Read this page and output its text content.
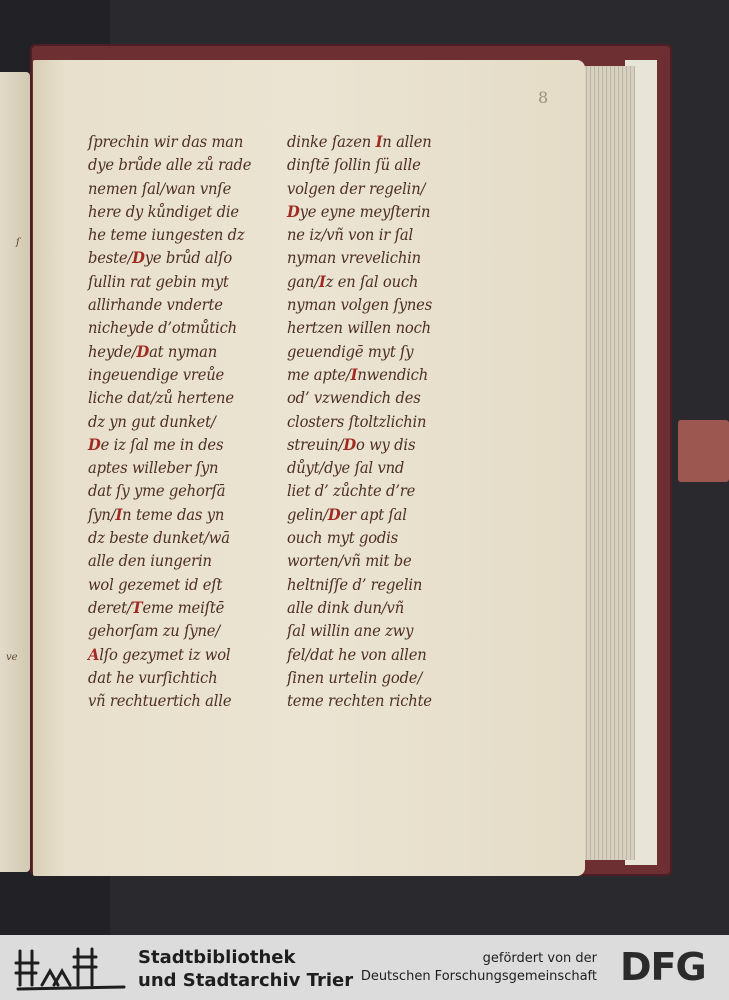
ſ
ve
8
ſprechin wir das man
dye brůde alle zů rade
nemen ſal/wan vnſe
here dy kůndiget die
he teme iungesten dz
beste/Dye brůd alſo
ſullin rat gebin myt
allirhande vnderte
nicheyde d’otmůtich
heyde/Dat nyman
ingeuendige vreůe
liche dat/zů hertene
dz yn gut dunket/
De iz ſal me in des
aptes willeber ſyn
dat ſy yme gehorſā
ſyn/In teme das yn
dz beste dunket/wā
alle den iungerin
wol gezemet id eſt
deret/Teme meiſtē
gehorſam zu ſyne/
Alſo gezymet iz wol
dat he vurſichtich
vñ rechtuertich alle
dinke ſazen In allen
dinſtē ſollin ſü alle
volgen der regelin/
Dye eyne meyſterin
ne iz/vñ von ir ſal
nyman vrevelichin
gan/Iz en ſal ouch
nyman volgen ſynes
hertzen willen noch
geuendigē myt ſy
me apte/Inwendich
od’ vzwendich des
closters ſtoltzlichin
streuin/Do wy dis
důyt/dye ſal vnd
liet d’ zůchte d’re
gelin/Der apt ſal
ouch myt godis
worten/vñ mit be
heltniſſe d’ regelin
alle dink dun/vñ
ſal willin ane zwy
fel/dat he von allen
ſinen urtelin gode/
teme rechten richte
Stadtbibliothek
und Stadtarchiv Trier
gefördert von der
Deutschen Forschungsgemeinschaft DFG
